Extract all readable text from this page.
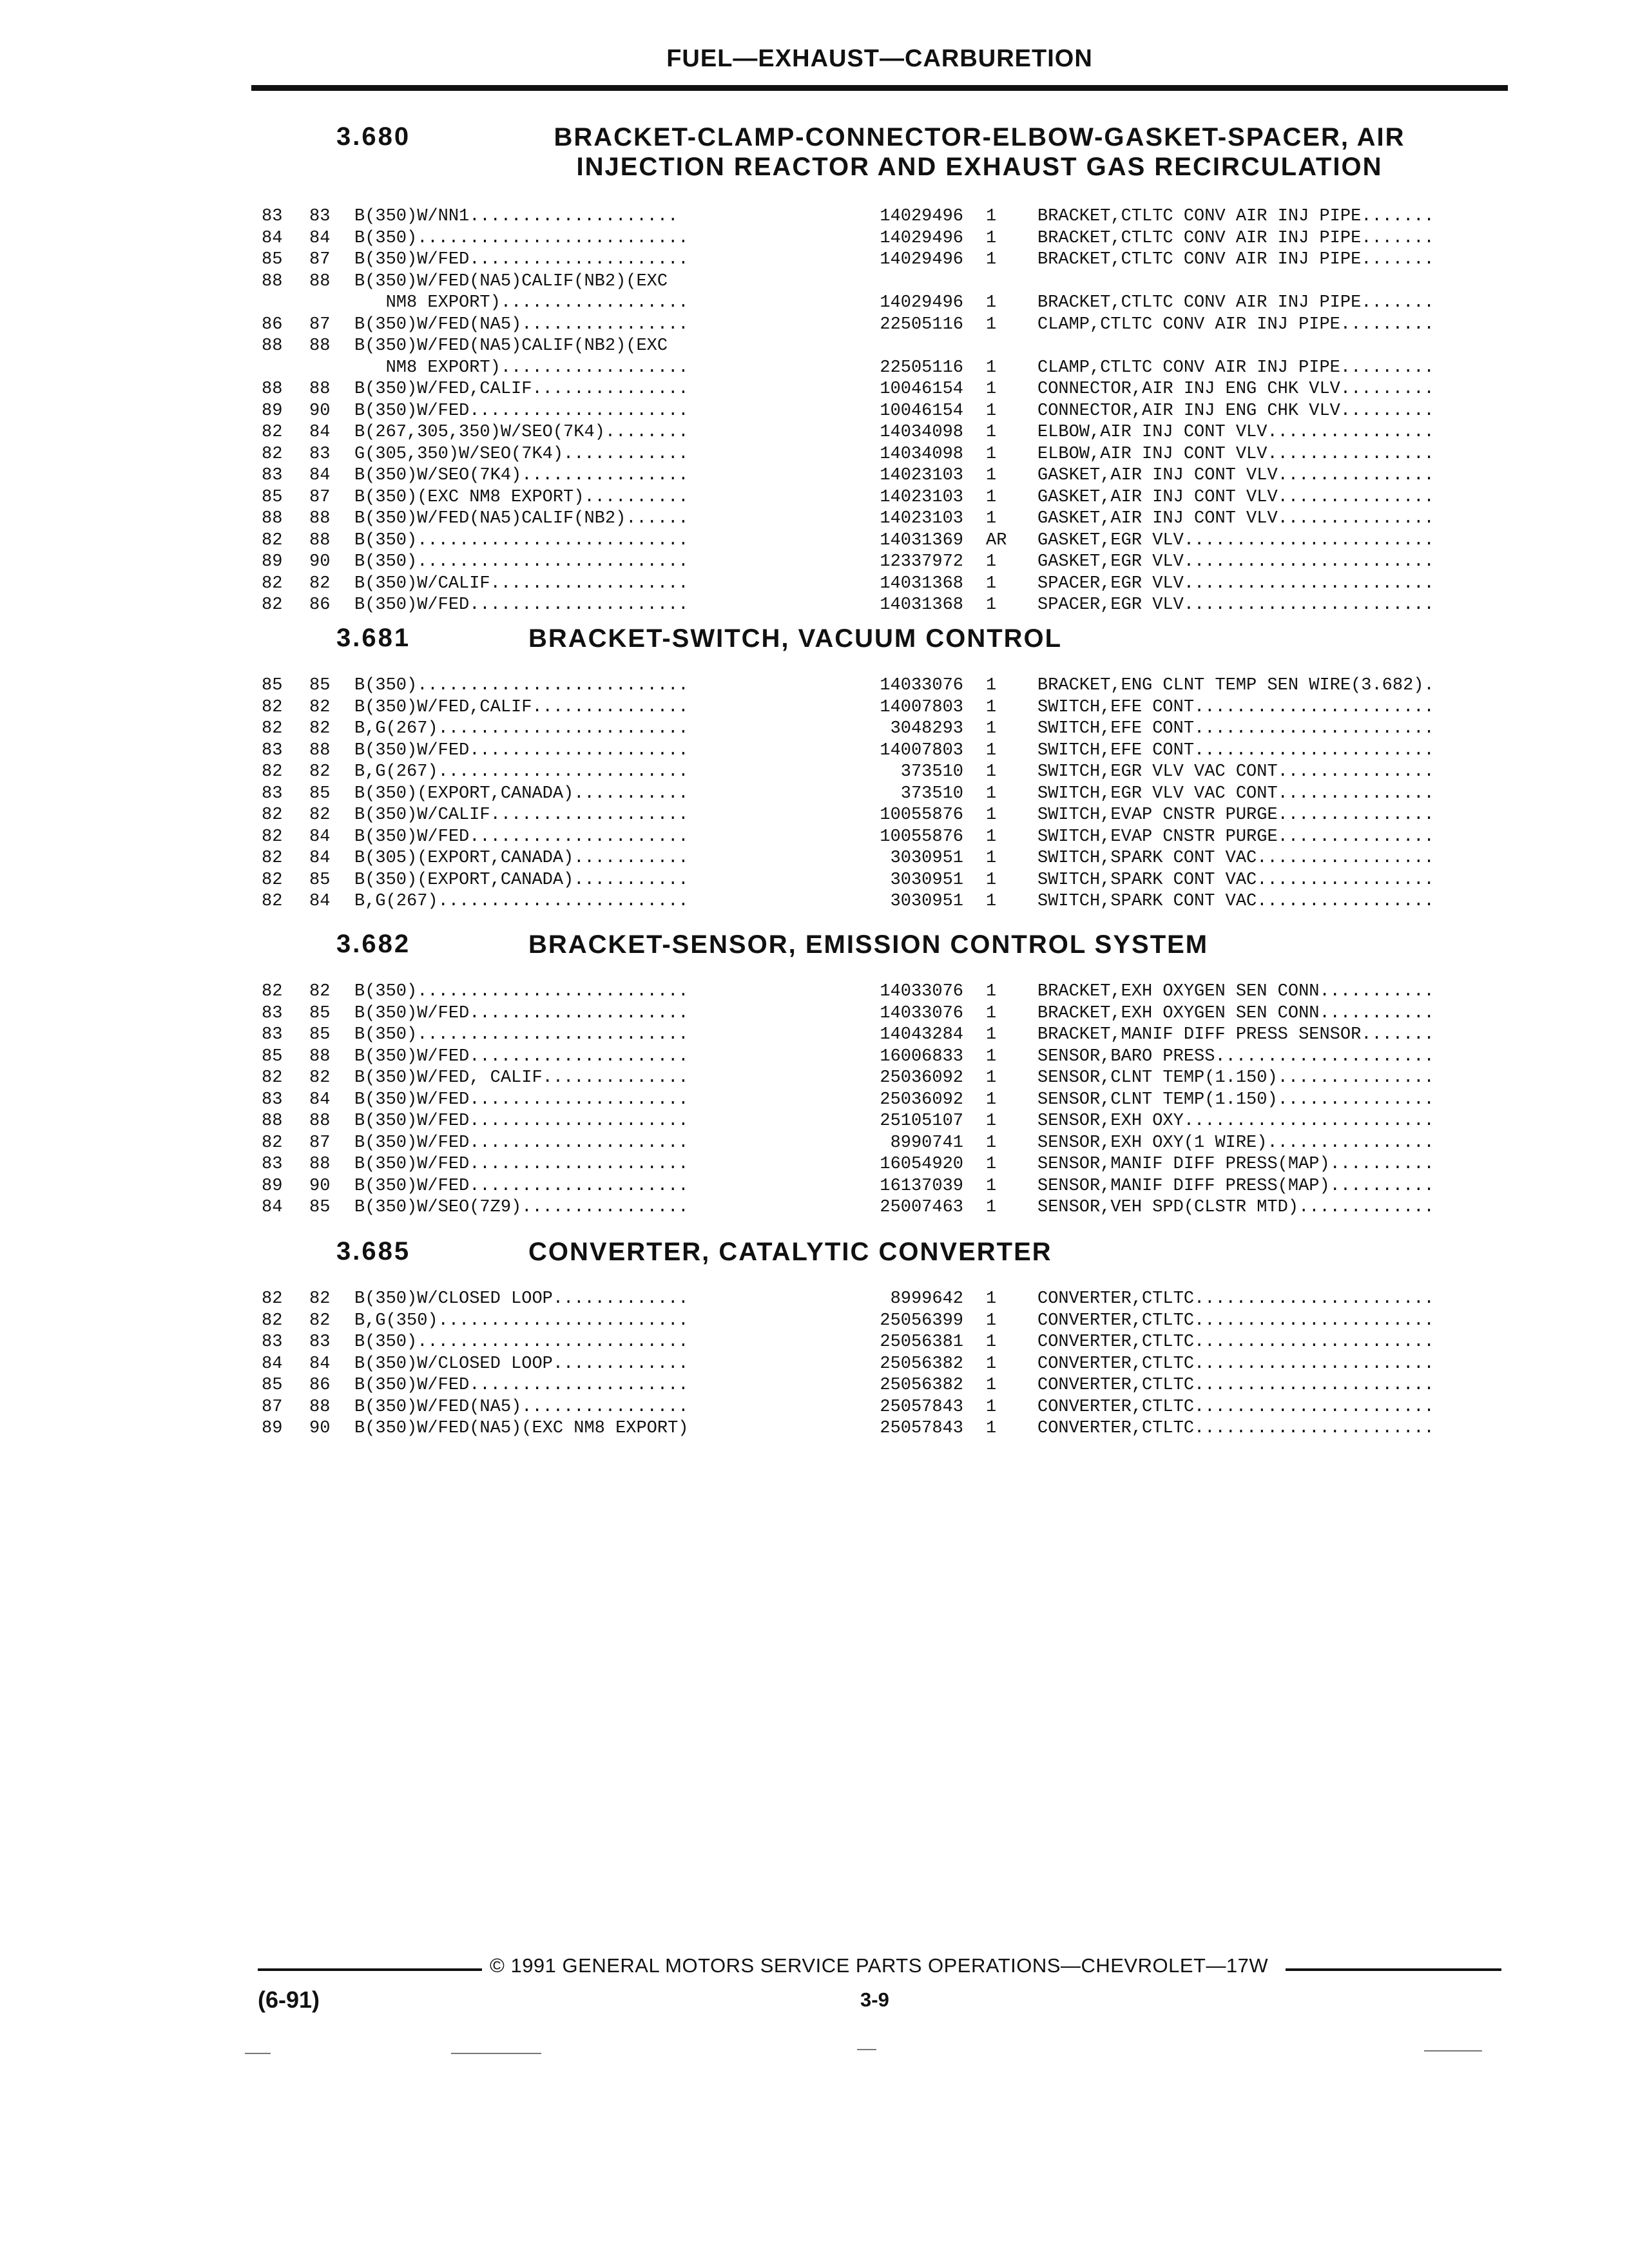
FUEL—EXHAUST—CARBURETION
3.680	BRACKET-CLAMP-CONNECTOR-ELBOW-GASKET-SPACER, AIR INJECTION REACTOR AND EXHAUST GAS RECIRCULATION
83 83 B(350)W/NN1....................	14029496 1 BRACKET,CTLTC CONV AIR INJ PIPE.......
84 84 B(350)..........................	14029496 1 BRACKET,CTLTC CONV AIR INJ PIPE.......
85 87 B(350)W/FED.....................	14029496 1 BRACKET,CTLTC CONV AIR INJ PIPE.......
88 88 B(350)W/FED(NA5)CALIF(NB2)(EXC
NM8 EXPORT)..................	14029496 1 BRACKET,CTLTC CONV AIR INJ PIPE.......
86 87 B(350)W/FED(NA5)................	22505116 1 CLAMP,CTLTC CONV AIR INJ PIPE.........
88 88 B(350)W/FED(NA5)CALIF(NB2)(EXC
NM8 EXPORT)..................	22505116 1 CLAMP,CTLTC CONV AIR INJ PIPE.........
88 88 B(350)W/FED,CALIF...............	10046154 1 CONNECTOR,AIR INJ ENG CHK VLV.........
89 90 B(350)W/FED.....................	10046154 1 CONNECTOR,AIR INJ ENG CHK VLV.........
82 84 B(267,305,350)W/SEO(7K4)........	14034098 1 ELBOW,AIR INJ CONT VLV................
82 83 G(305,350)W/SEO(7K4)............	14034098 1 ELBOW,AIR INJ CONT VLV................
83 84 B(350)W/SEO(7K4)................	14023103 1 GASKET,AIR INJ CONT VLV...............
85 87 B(350)(EXC NM8 EXPORT)..........	14023103 1 GASKET,AIR INJ CONT VLV...............
88 88 B(350)W/FED(NA5)CALIF(NB2)......	14023103 1 GASKET,AIR INJ CONT VLV...............
82 88 B(350)..........................	14031369 AR GASKET,EGR VLV........................
89 90 B(350)..........................	12337972 1 GASKET,EGR VLV........................
82 82 B(350)W/CALIF...................	14031368 1 SPACER,EGR VLV........................
82 86 B(350)W/FED.....................	14031368 1 SPACER,EGR VLV........................
3.681	BRACKET-SWITCH, VACUUM CONTROL
85 85 B(350)..........................	14033076 1 BRACKET,ENG CLNT TEMP SEN WIRE(3.682).
82 82 B(350)W/FED,CALIF...............	14007803 1 SWITCH,EFE CONT.......................
82 82 B,G(267)........................	3048293 1 SWITCH,EFE CONT.......................
83 88 B(350)W/FED.....................	14007803 1 SWITCH,EFE CONT.......................
82 82 B,G(267)........................	373510 1 SWITCH,EGR VLV VAC CONT...............
83 85 B(350)(EXPORT,CANADA)...........	373510 1 SWITCH,EGR VLV VAC CONT...............
82 82 B(350)W/CALIF...................	10055876 1 SWITCH,EVAP CNSTR PURGE...............
82 84 B(350)W/FED.....................	10055876 1 SWITCH,EVAP CNSTR PURGE...............
82 84 B(305)(EXPORT,CANADA)...........	3030951 1 SWITCH,SPARK CONT VAC.................
82 85 B(350)(EXPORT,CANADA)...........	3030951 1 SWITCH,SPARK CONT VAC.................
82 84 B,G(267)........................	3030951 1 SWITCH,SPARK CONT VAC.................
3.682	BRACKET-SENSOR, EMISSION CONTROL SYSTEM
82 82 B(350)..........................	14033076 1 BRACKET,EXH OXYGEN SEN CONN...........
83 85 B(350)W/FED.....................	14033076 1 BRACKET,EXH OXYGEN SEN CONN...........
83 85 B(350)..........................	14043284 1 BRACKET,MANIF DIFF PRESS SENSOR.......
85 88 B(350)W/FED.....................	16006833 1 SENSOR,BARO PRESS.....................
82 82 B(350)W/FED, CALIF..............	25036092 1 SENSOR,CLNT TEMP(1.150)...............
83 84 B(350)W/FED.....................	25036092 1 SENSOR,CLNT TEMP(1.150)...............
88 88 B(350)W/FED.....................	25105107 1 SENSOR,EXH OXY........................
82 87 B(350)W/FED.....................	8990741 1 SENSOR,EXH OXY(1 WIRE)................
83 88 B(350)W/FED.....................	16054920 1 SENSOR,MANIF DIFF PRESS(MAP)..........
89 90 B(350)W/FED.....................	16137039 1 SENSOR,MANIF DIFF PRESS(MAP)..........
84 85 B(350)W/SEO(7Z9)................	25007463 1 SENSOR,VEH SPD(CLSTR MTD).............
3.685	CONVERTER, CATALYTIC CONVERTER
82 82 B(350)W/CLOSED LOOP.............	8999642 1 CONVERTER,CTLTC.......................
82 82 B,G(350)........................	25056399 1 CONVERTER,CTLTC.......................
83 83 B(350)..........................	25056381 1 CONVERTER,CTLTC.......................
84 84 B(350)W/CLOSED LOOP.............	25056382 1 CONVERTER,CTLTC.......................
85 86 B(350)W/FED.....................	25056382 1 CONVERTER,CTLTC.......................
87 88 B(350)W/FED(NA5)................	25057843 1 CONVERTER,CTLTC.......................
89 90 B(350)W/FED(NA5)(EXC NM8 EXPORT)	25057843 1 CONVERTER,CTLTC.......................
© 1991 GENERAL MOTORS SERVICE PARTS OPERATIONS—CHEVROLET—17W
(6-91)	3-9
